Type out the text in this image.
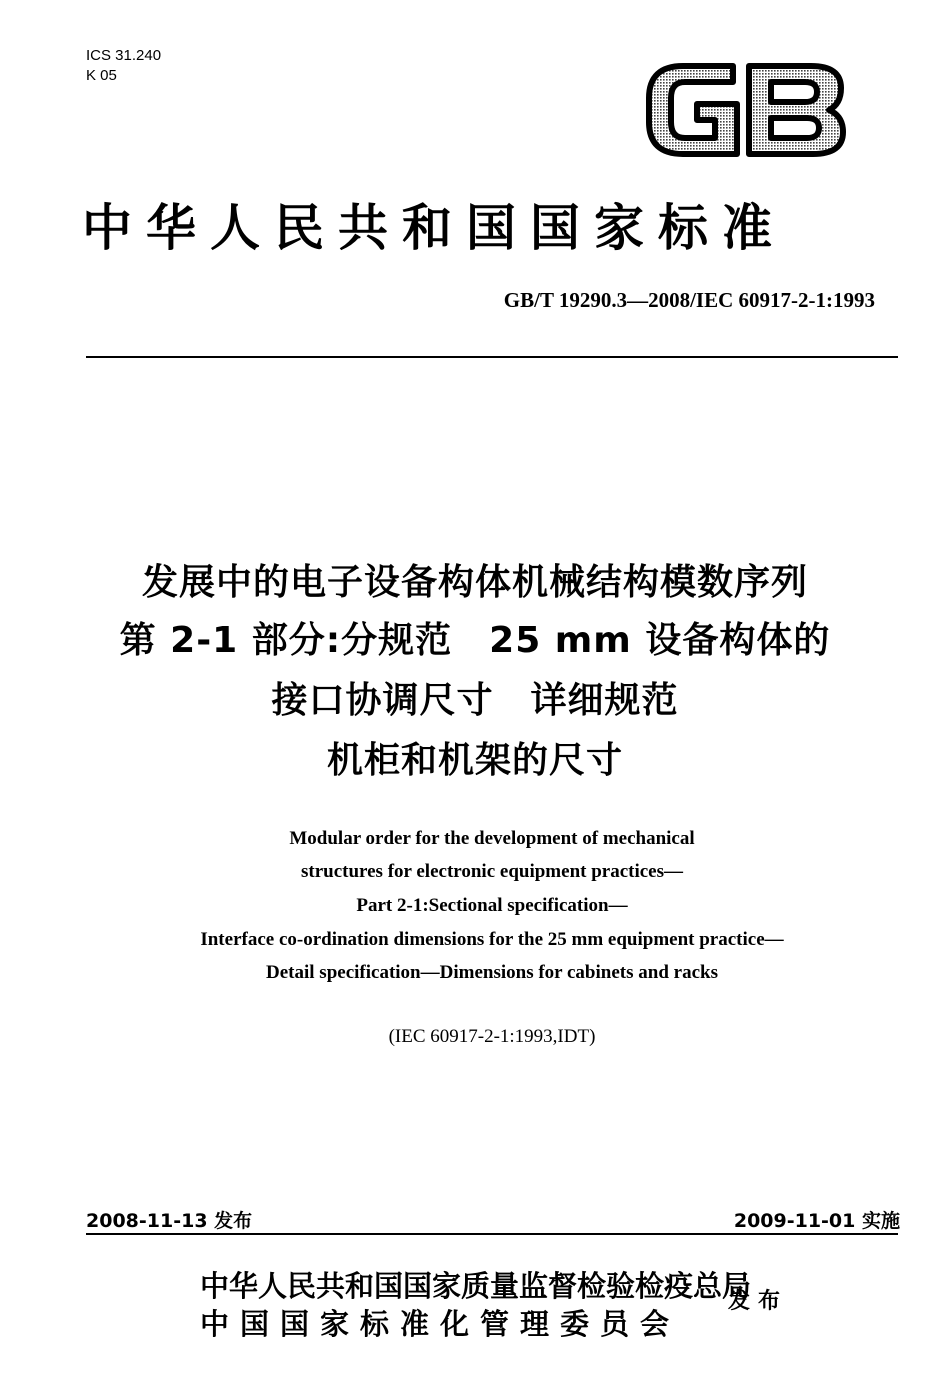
ICS 31.240
K 05
中华人民共和国国家标准
GB/T 19290.3—2008/IEC 60917-2-1:1993
发展中的电子设备构体机械结构模数序列
第 2-1 部分:分规范　25 mm 设备构体的
接口协调尺寸　详细规范
机柜和机架的尺寸
Modular order for the development of mechanical
structures for electronic equipment practices—
Part 2-1:Sectional specification—
Interface co-ordination dimensions for the 25 mm equipment practice—
Detail specification—Dimensions for cabinets and racks
(IEC 60917-2-1:1993,IDT)
2008-11-13 发布	2009-11-01 实施
中华人民共和国国家质量监督检验检疫总局
中国国家标准化管理委员会
发布
